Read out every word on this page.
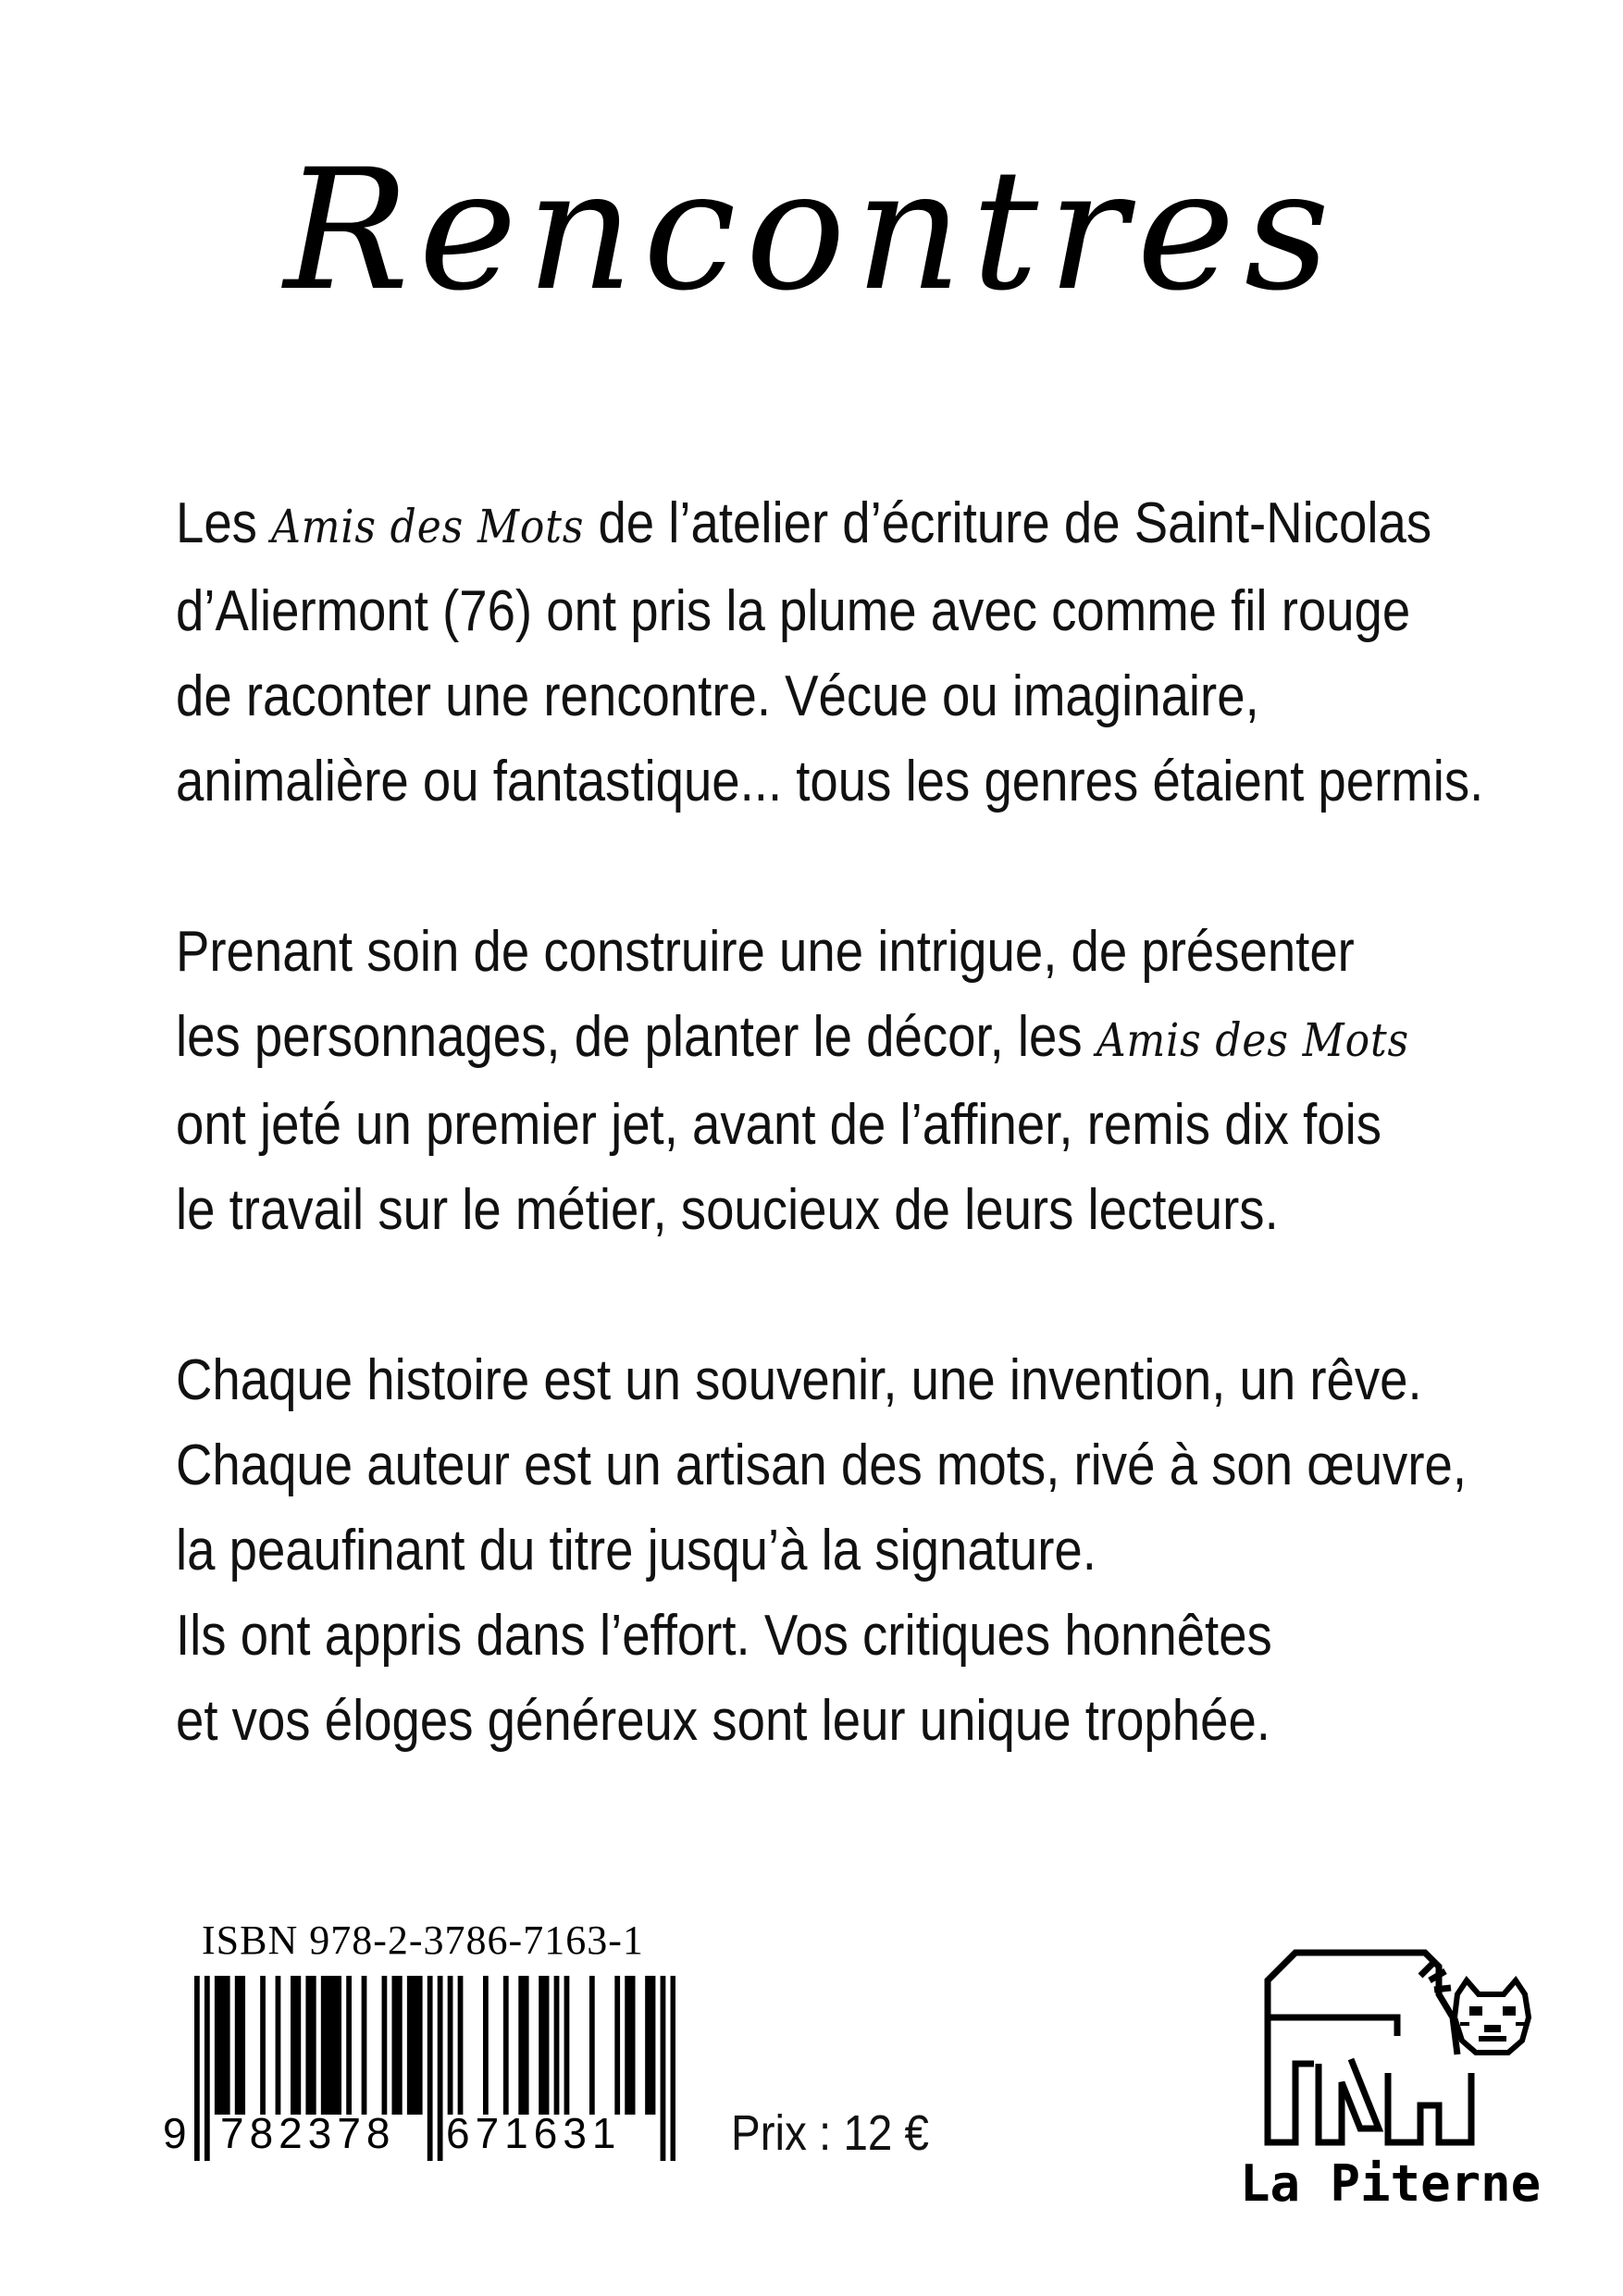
Rencontres
Les Amis des Mots de l’atelier d’écriture de Saint-Nicolas
d’Aliermont (76) ont pris la plume avec comme fil rouge
de raconter une rencontre. Vécue ou imaginaire,
animalière ou fantastique... tous les genres étaient permis.
Prenant soin de construire une intrigue, de présenter
les personnages, de planter le décor, les Amis des Mots
ont jeté un premier jet, avant de l’affiner, remis dix fois
le travail sur le métier, soucieux de leurs lecteurs.
Chaque histoire est un souvenir, une invention, un rêve.
Chaque auteur est un artisan des mots, rivé à son œuvre,
la peaufinant du titre jusqu’à la signature.
Ils ont appris dans l’effort. Vos critiques honnêtes
et vos éloges généreux sont leur unique trophée.
ISBN 978-2-3786-7163-1
9 782378 671631 Prix : 12 €
La Piterne
